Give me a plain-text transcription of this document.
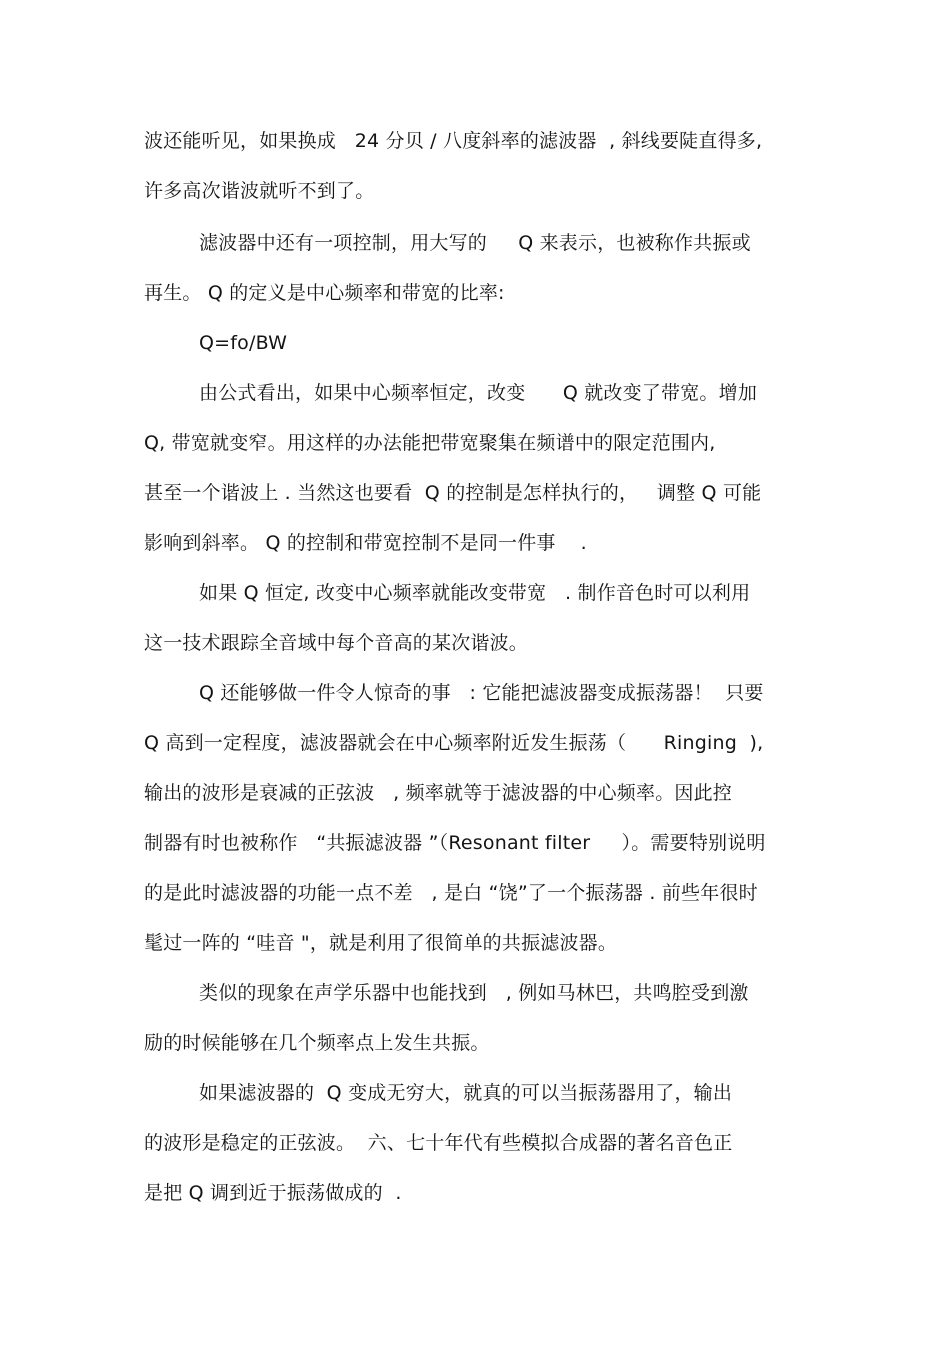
波还能听见，如果换成   24 分贝 / 八度斜率的滤波器  , 斜线要陡直得多,
许多高次谐波就听不到了。
滤波器中还有一项控制，用大写的     Q 来表示，也被称作共振或
再生。 Q 的定义是中心频率和带宽的比率:
Q=fo/BW
由公式看出，如果中心频率恒定，改变      Q 就改变了带宽。增加
Q, 带宽就变窄。用这样的办法能把带宽聚集在频谱中的限定范围内,
甚至一个谐波上 . 当然这也要看  Q 的控制是怎样执行的，   调整 Q 可能
影响到斜率。 Q 的控制和带宽控制不是同一件事    .
如果 Q 恒定, 改变中心频率就能改变带宽   . 制作音色时可以利用
这一技术跟踪全音域中每个音高的某次谐波。
Q 还能够做一件令人惊奇的事   : 它能把滤波器变成振荡器！  只要
Q 高到一定程度，滤波器就会在中心频率附近发生振荡（      Ringing  ),
输出的波形是衰减的正弦波   , 频率就等于滤波器的中心频率。因此控
制器有时也被称作   “共振滤波器 ”（Resonant filter     ）。需要特别说明
的是此时滤波器的功能一点不差   , 是白 “饶”了一个振荡器 . 前些年很时
髦过一阵的 “哇音 "，就是利用了很简单的共振滤波器。
类似的现象在声学乐器中也能找到   , 例如马林巴，共鸣腔受到激
励的时候能够在几个频率点上发生共振。
如果滤波器的  Q 变成无穷大，就真的可以当振荡器用了，输出
的波形是稳定的正弦波。  六、七十年代有些模拟合成器的著名音色正
是把 Q 调到近于振荡做成的  .
